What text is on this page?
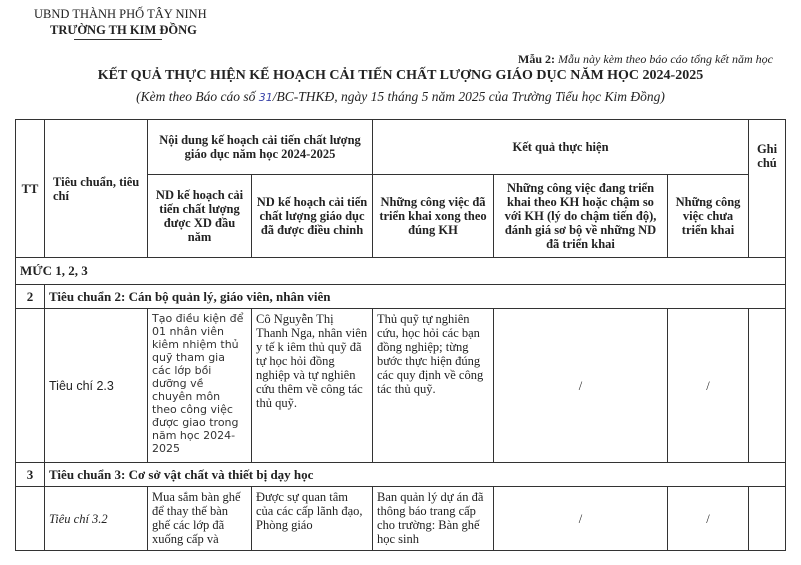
UBND THÀNH PHỐ TÂY NINH
TRƯỜNG TH KIM ĐỒNG
Mẫu 2: Mẫu này kèm theo báo cáo tổng kết năm học
KẾT QUẢ THỰC HIỆN KẾ HOẠCH CẢI TIẾN CHẤT LƯỢNG GIÁO DỤC NĂM HỌC 2024-2025
(Kèm theo Báo cáo số 31/BC-THKĐ, ngày 15 tháng 5 năm 2025 của Trường Tiểu học Kim Đồng)
TT	Tiêu chuẩn, tiêu chí	Nội dung kế hoạch cải tiến chất lượng giáo dục năm học 2024-2025		Kết quả thực hiện			Ghi chú
		ND kế hoạch cải tiến chất lượng được XD đầu năm	ND kế hoạch cải tiến chất lượng giáo dục đã được điều chỉnh	Những công việc đã triển khai xong theo đúng KH	Những công việc đang triển khai theo KH hoặc chậm so với KH (lý do chậm tiến độ), đánh giá sơ bộ về những ND đã triển khai	Những công việc chưa triển khai	
MỨC 1, 2, 3							
2	Tiêu chuẩn 2: Cán bộ quản lý, giáo viên, nhân viên						
	Tiêu chí 2.3	Tạo điều kiện để 01 nhân viên kiêm nhiệm thủ quỹ tham gia các lớp bồi dưỡng về chuyên môn theo công việc được giao trong năm học 2024-2025	Cô Nguyễn Thị Thanh Nga, nhân viên y tế k iêm thủ quỹ đã tự học hỏi đồng nghiệp và tự nghiên cứu thêm về công tác thủ quỹ.	Thủ quỹ tự nghiên cứu, học hỏi các bạn đồng nghiệp; từng bước thực hiện đúng các quy định về công tác thủ quỹ.	/	/	
3	Tiêu chuẩn 3: Cơ sở vật chất và thiết bị dạy học						
	Tiêu chí 3.2	Mua sắm bàn ghế để thay thế bàn ghế các lớp đã xuống cấp và	Được sự quan tâm của các cấp lãnh đạo, Phòng giáo	Ban quản lý dự án đã thông báo trang cấp cho trường: Bàn ghế học sinh	/	/	
